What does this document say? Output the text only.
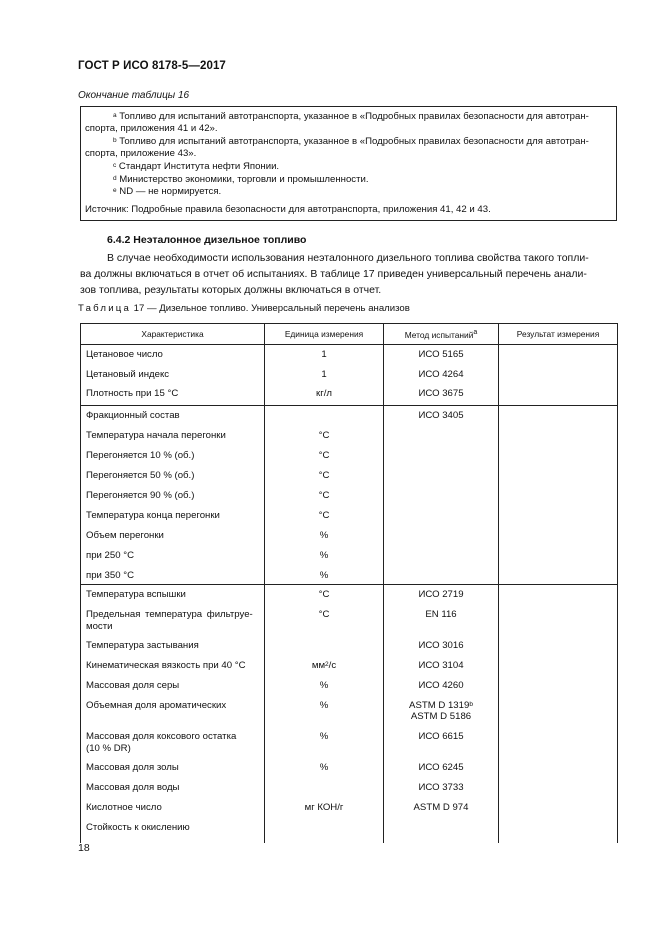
ГОСТ Р ИСО 8178-5—2017
Окончание таблицы 16
$^a$ Топливо для испытаний автотранспорта, указанное в «Подробных правилах безопасности для автотран-
спорта, приложения 41 и 42».
$^b$ Топливо для испытаний автотранспорта, указанное в «Подробных правилах безопасности для автотран-
спорта, приложение 43».
$^c$ Стандарт Института нефти Японии.
$^d$ Министерство экономики, торговли и промышленности.
$^e$ ND — не нормируется.
Источник: Подробные правила безопасности для автотранспорта, приложения 41, 42 и 43.
6.4.2 Неэталонное дизельное топливо
В случае необходимости использования неэталонного дизельного топлива свойства такого топли-
ва должны включаться в отчет об испытаниях. В таблице 17 приведен универсальный перечень анали-
зов топлива, результаты которых должны включаться в отчет.
Таблица 17 — Дизельное топливо. Универсальный перечень анализов
Характеристика	Единица измерения	Метод испытаний$^a$	Результат измерения
Цетановое число	1	ИСО 5165	
Цетановый индекс	1	ИСО 4264	
Плотность при 15 °С	кг/л	ИСО 3675	
Фракционный состав		ИСО 3405	
Температура начала перегонки	°С		
Перегоняется 10 % (об.)	°С		
Перегоняется 50 % (об.)	°С		
Перегоняется 90 % (об.)	°С		
Температура конца перегонки	°С		
Объем перегонки	%		
при 250 °С	%		
при 350 °С	%		
Температура вспышки	°С	ИСО 2719	
Предельная температура фильтруе-
мости	°С	EN 116	
Температура застывания		ИСО 3016	
Кинематическая вязкость при 40 °С	$мм^2/с$	ИСО 3104	
Массовая доля серы	%	ИСО 4260	
Объемная доля ароматических	%	ASTM D 1319$^b$
ASTM D 5186	
Массовая доля коксового остатка
(10 % DR)	%	ИСО 6615	
Массовая доля золы	%	ИСО 6245	
Массовая доля воды		ИСО 3733	
Кислотное число	мг КОН/г	ASTM D 974	
Стойкость к окислению			
18
